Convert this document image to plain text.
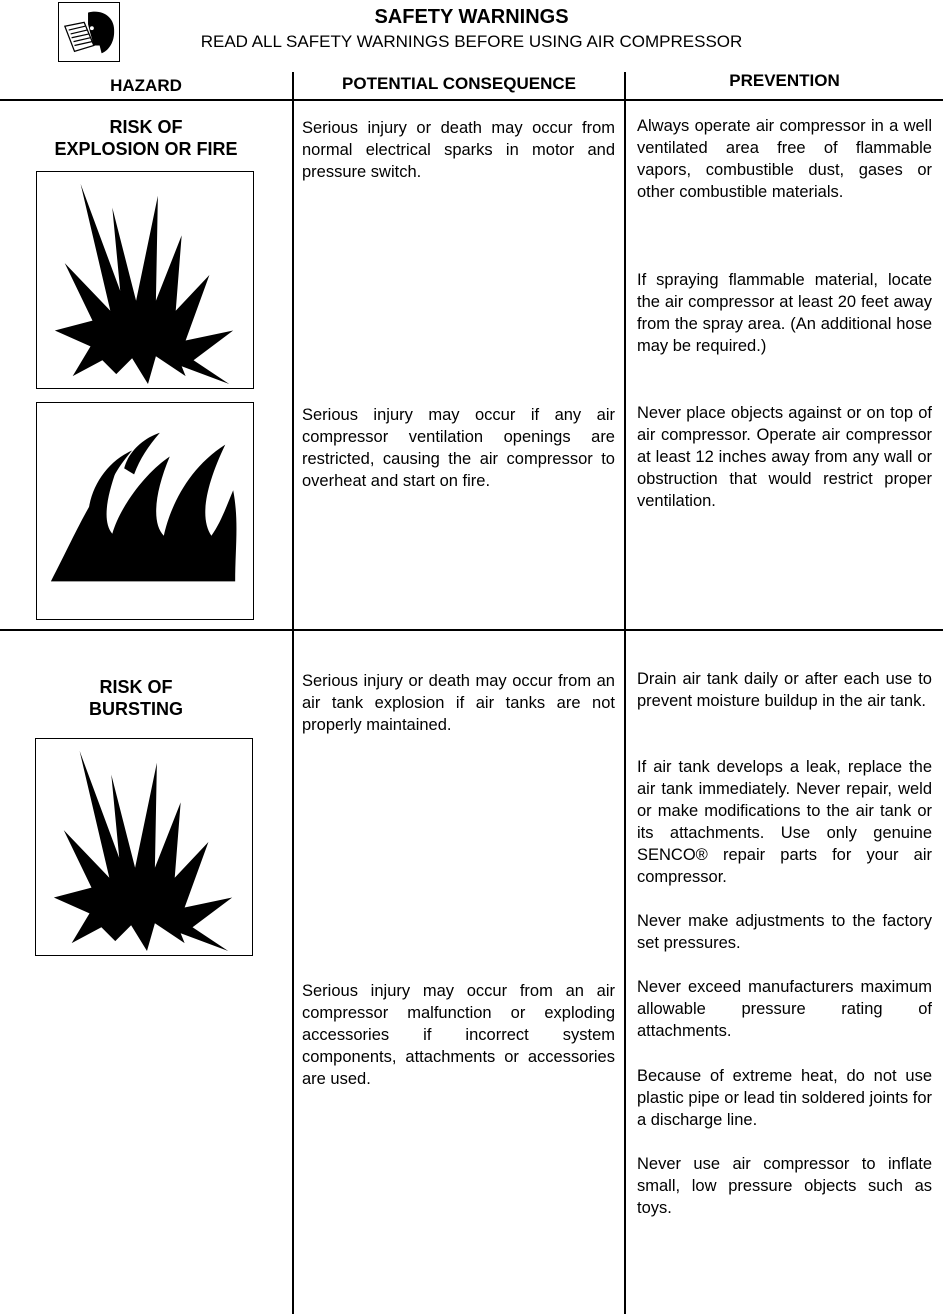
SAFETY WARNINGS
READ ALL SAFETY WARNINGS BEFORE USING AIR COMPRESSOR
HAZARD	POTENTIAL CONSEQUENCE	PREVENTION
RISK OF
EXPLOSION OR FIRE

Serious injury or death may occur from normal electrical sparks in motor and pressure switch.

Serious injury may occur if any air compressor ventilation openings are restricted, causing the air compressor to overheat and start on fire.

Always operate air compressor in a well ventilated area free of flammable vapors, combustible dust, gases or other combustible materials.

If spraying flammable material, locate the air compressor at least 20 feet away from the spray area. (An additional hose may be required.)

Never place objects against or on top of air compressor. Operate air compressor at least 12 inches away from any wall or obstruction that would restrict proper ventilation.

RISK OF
BURSTING

Serious injury or death may occur from an air tank explosion if air tanks are not properly maintained.

Serious injury may occur from an air compressor malfunction or exploding accessories if incorrect system components, attachments or accessories are used.

Drain air tank daily or after each use to prevent moisture buildup in the air tank.

If air tank develops a leak, replace the air tank immediately. Never repair, weld or make modifications to the air tank or its attachments. Use only genuine SENCO® repair parts for your air compressor.

Never make adjustments to the factory set pressures.

Never exceed manufacturers maximum allowable pressure rating of attachments.

Because of extreme heat, do not use plastic pipe or lead tin soldered joints for a discharge line.

Never use air compressor to inflate small, low pressure objects such as toys.
